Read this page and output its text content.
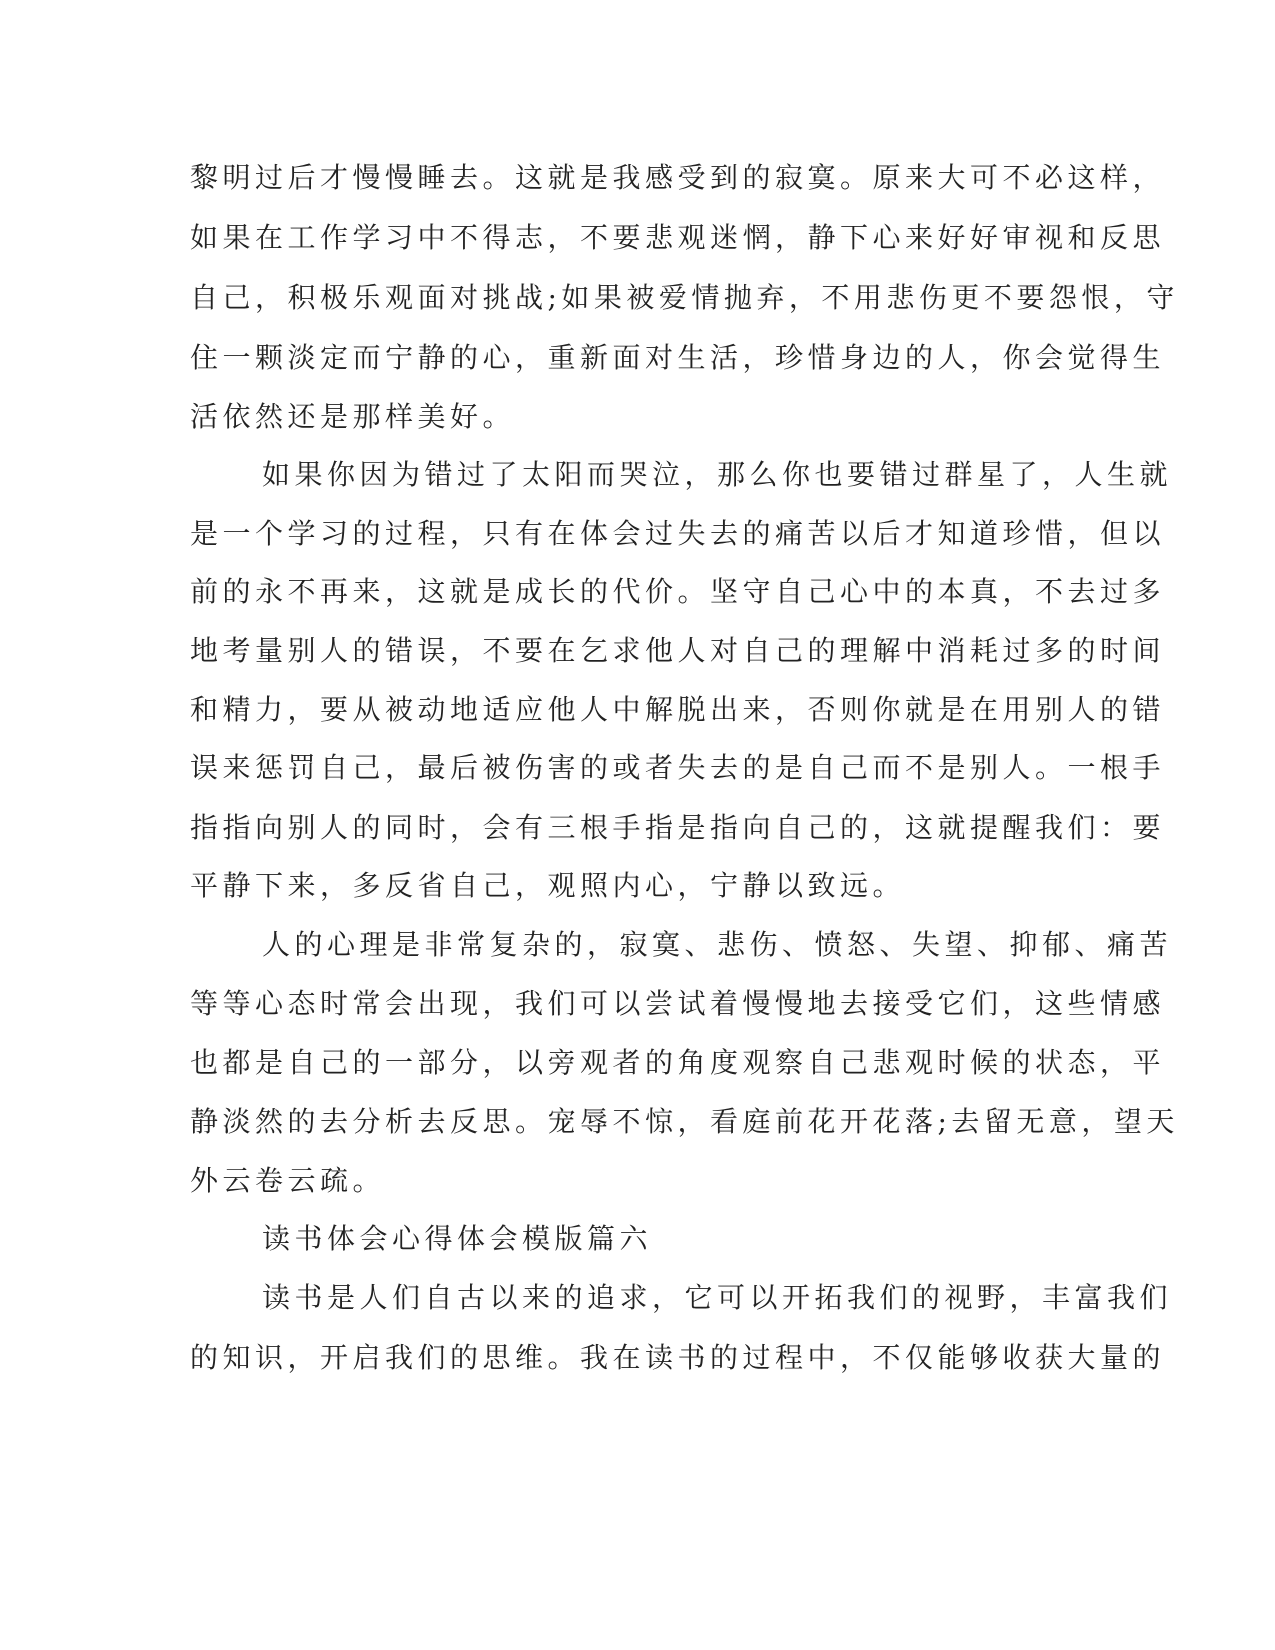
黎明过后才慢慢睡去。这就是我感受到的寂寞。原来大可不必这样，
如果在工作学习中不得志，不要悲观迷惘，静下心来好好审视和反思
自己，积极乐观面对挑战;如果被爱情抛弃，不用悲伤更不要怨恨，守
住一颗淡定而宁静的心，重新面对生活，珍惜身边的人，你会觉得生
活依然还是那样美好。
如果你因为错过了太阳而哭泣，那么你也要错过群星了，人生就
是一个学习的过程，只有在体会过失去的痛苦以后才知道珍惜，但以
前的永不再来，这就是成长的代价。坚守自己心中的本真，不去过多
地考量别人的错误，不要在乞求他人对自己的理解中消耗过多的时间
和精力，要从被动地适应他人中解脱出来，否则你就是在用别人的错
误来惩罚自己，最后被伤害的或者失去的是自己而不是别人。一根手
指指向别人的同时，会有三根手指是指向自己的，这就提醒我们：要
平静下来，多反省自己，观照内心，宁静以致远。
人的心理是非常复杂的，寂寞、悲伤、愤怒、失望、抑郁、痛苦
等等心态时常会出现，我们可以尝试着慢慢地去接受它们，这些情感
也都是自己的一部分，以旁观者的角度观察自己悲观时候的状态，平
静淡然的去分析去反思。宠辱不惊，看庭前花开花落;去留无意，望天
外云卷云疏。
读书体会心得体会模版篇六
读书是人们自古以来的追求，它可以开拓我们的视野，丰富我们
的知识，开启我们的思维。我在读书的过程中，不仅能够收获大量的
